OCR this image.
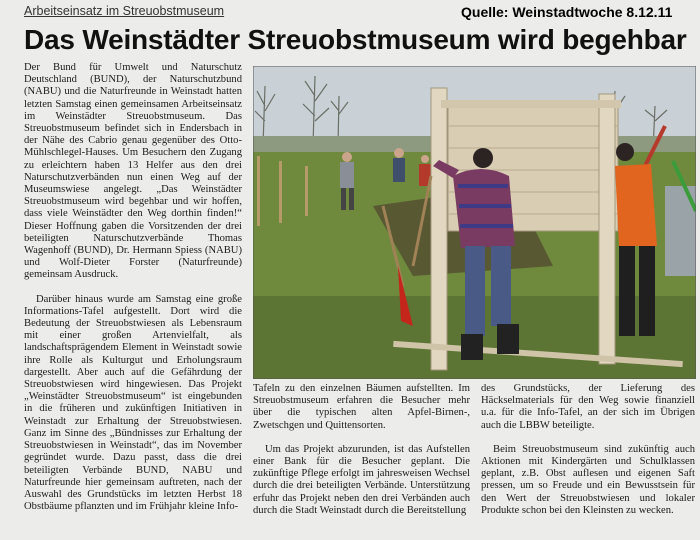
Arbeitseinsatz im Streuobstmuseum	Quelle: Weinstadtwoche 8.12.11
Das Weinstädter Streuobstmuseum wird begehbar

Der Bund für Umwelt und Naturschutz Deutschland (BUND), der Naturschutzbund (NABU) und die Naturfreunde in Weinstadt hatten letzten Samstag einen gemeinsamen Arbeitseinsatz im Weinstädter Streuobstmuseum. Das Streuobstmuseum befindet sich in Endersbach in der Nähe des Cabrio genau gegenüber des Otto-Mühlschlegel-Hauses. Um Besuchern den Zugang zu erleichtern haben 13 Helfer aus den drei Naturschutzverbänden nun einen Weg auf der Museumswiese angelegt. „Das Weinstädter Streuobstmuseum wird begehbar und wir hoffen, dass viele Weinstädter den Weg dorthin finden!“ Dieser Hoffnung gaben die Vorsitzenden der drei beteiligten Naturschutzverbände Thomas Wagenhoff (BUND), Dr. Hermann Spiess (NABU) und Wolf-Dieter Forster (Naturfreunde) gemeinsam Ausdruck.

Darüber hinaus wurde am Samstag eine große Informations-Tafel aufgestellt. Dort wird die Bedeutung der Streuobstwiesen als Lebensraum mit einer großen Artenvielfalt, als landschaftsprägendem Element in Weinstadt sowie ihre Rolle als Kulturgut und Erholungsraum dargestellt. Aber auch auf die Gefährdung der Streuobstwiesen wird hingewiesen. Das Projekt „Weinstädter Streuobstmuseum“ ist eingebunden in die früheren und zukünftigen Initiativen in Weinstadt zur Erhaltung der Streuobstwiesen. Ganz im Sinne des „Bündnisses zur Erhaltung der Streuobstwiesen in Weinstadt“, das im November gegründet wurde. Dazu passt, dass die drei beteiligten Verbände BUND, NABU und Naturfreunde hier gemeinsam auftreten, nach der Auswahl des Grundstücks im letzten Herbst 18 Obstbäume pflanzten und im Frühjahr kleine Info-

Tafeln zu den einzelnen Bäumen aufstellten. Im Streuobstmuseum erfahren die Besucher mehr über die typischen alten Apfel-Birnen-, Zwetschgen und Quittensorten.

Um das Projekt abzurunden, ist das Aufstellen einer Bank für die Besucher geplant. Die zukünftige Pflege erfolgt im jahresweisen Wechsel durch die drei beteiligten Verbände. Unterstützung erfuhr das Projekt neben den drei Verbänden auch durch die Stadt Weinstadt durch die Bereitstellung

des Grundstücks, der Lieferung des Häckselmaterials für den Weg sowie finanziell u.a. für die Info-Tafel, an der sich im Übrigen auch die LBBW beteiligte.

Beim Streuobstmuseum sind zukünftig auch Aktionen mit Kindergärten und Schulklassen geplant, z.B. Obst auflesen und eigenen Saft pressen, um so Freude und ein Bewusstsein für den Wert der Streuobstwiesen und lokaler Produkte schon bei den Kleinsten zu wecken.
